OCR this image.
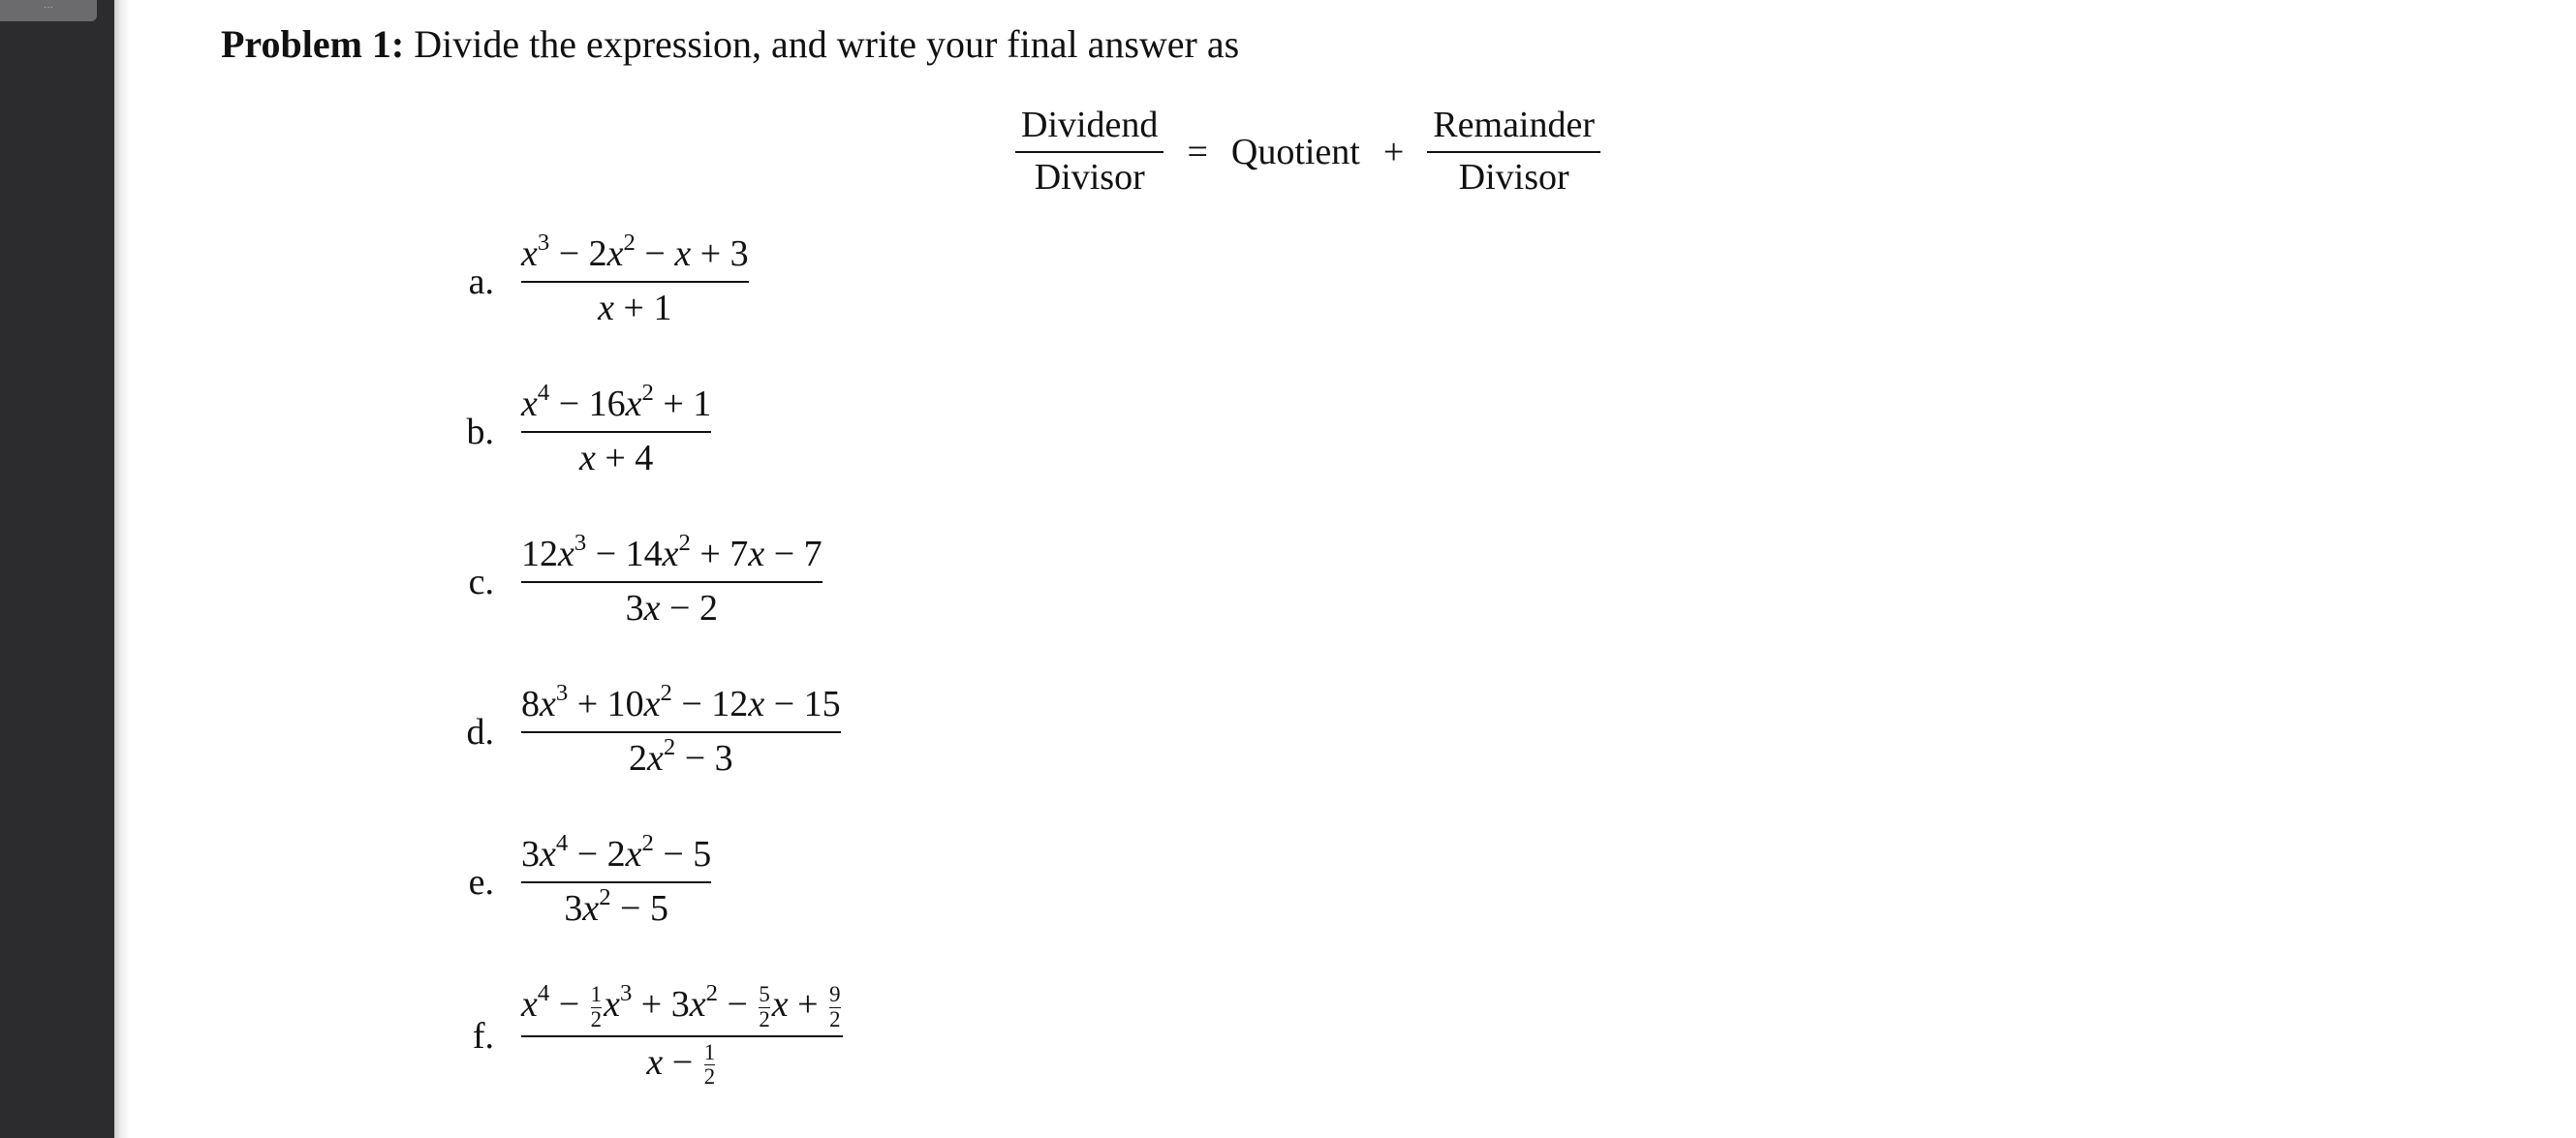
···
Problem 1: Divide the expression, and write your final answer as
$\frac{\text{Dividend}}{\text{Divisor}}$ = Quotient + $\frac{\text{Remainder}}{\text{Divisor}}$
a. $\frac{x^3 - 2x^2 - x + 3}{x + 1}$
b. $\frac{x^4 - 16x^2 + 1}{x + 4}$
c. $\frac{12x^3 - 14x^2 + 7x - 7}{3x - 2}$
d. $\frac{8x^3 + 10x^2 - 12x - 15}{2x^2 - 3}$
e. $\frac{3x^4 - 2x^2 - 5}{3x^2 - 5}$
f. $\frac{x^4 - \frac{1}{2} x^3 + 3x^2 - \frac{5}{2} x + \frac{9}{2}}{x - \frac{1}{2}}$
